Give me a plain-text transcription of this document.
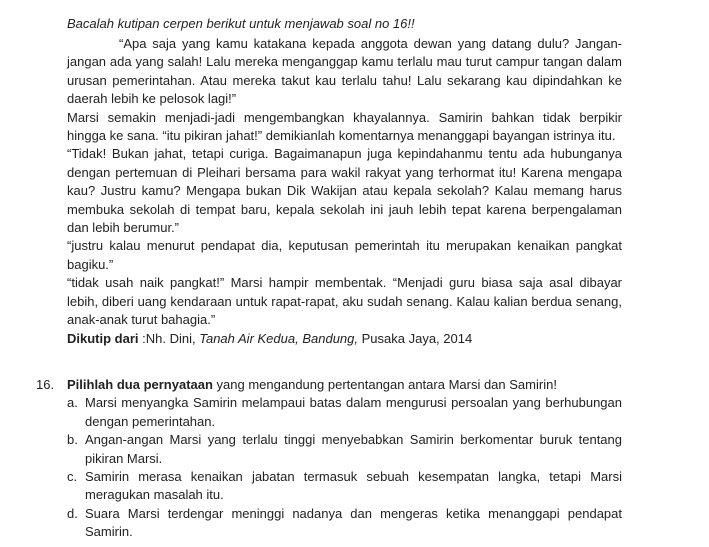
Bacalah kutipan cerpen berikut untuk menjawab soal no 16!!

“Apa saja yang kamu katakana kepada anggota dewan yang datang dulu? Jangan-jangan ada yang salah! Lalu mereka menganggap kamu terlalu mau turut campur tangan dalam urusan pemerintahan. Atau mereka takut kau terlalu tahu! Lalu sekarang kau dipindahkan ke daerah lebih ke pelosok lagi!”

Marsi semakin menjadi-jadi mengembangkan khayalannya. Samirin bahkan tidak berpikir hingga ke sana. “itu pikiran jahat!” demikianlah komentarnya menanggapi bayangan istrinya itu.

“Tidak! Bukan jahat, tetapi curiga. Bagaimanapun juga kepindahanmu tentu ada hubunganya dengan pertemuan di Pleihari bersama para wakil rakyat yang terhormat itu! Karena mengapa kau? Justru kamu? Mengapa bukan Dik Wakijan atau kepala sekolah? Kalau memang harus membuka sekolah di tempat baru, kepala sekolah ini jauh lebih tepat karena berpengalaman dan lebih berumur.”

“justru kalau menurut pendapat dia, keputusan pemerintah itu merupakan kenaikan pangkat bagiku.”

“tidak usah naik pangkat!” Marsi hampir membentak. “Menjadi guru biasa saja asal dibayar lebih, diberi uang kendaraan untuk rapat-rapat, aku sudah senang. Kalau kalian berdua senang, anak-anak turut bahagia.”

Dikutip dari :Nh. Dini, Tanah Air Kedua, Bandung, Pusaka Jaya, 2014

16. Pilihlah dua pernyataan yang mengandung pertentangan antara Marsi dan Samirin!
a. Marsi menyangka Samirin melampaui batas dalam mengurusi persoalan yang berhubungan dengan pemerintahan.
b. Angan-angan Marsi yang terlalu tinggi menyebabkan Samirin berkomentar buruk tentang pikiran Marsi.
c. Samirin merasa kenaikan jabatan termasuk sebuah kesempatan langka, tetapi Marsi meragukan masalah itu.
d. Suara Marsi terdengar meninggi nadanya dan mengeras ketika menanggapi pendapat Samirin.
